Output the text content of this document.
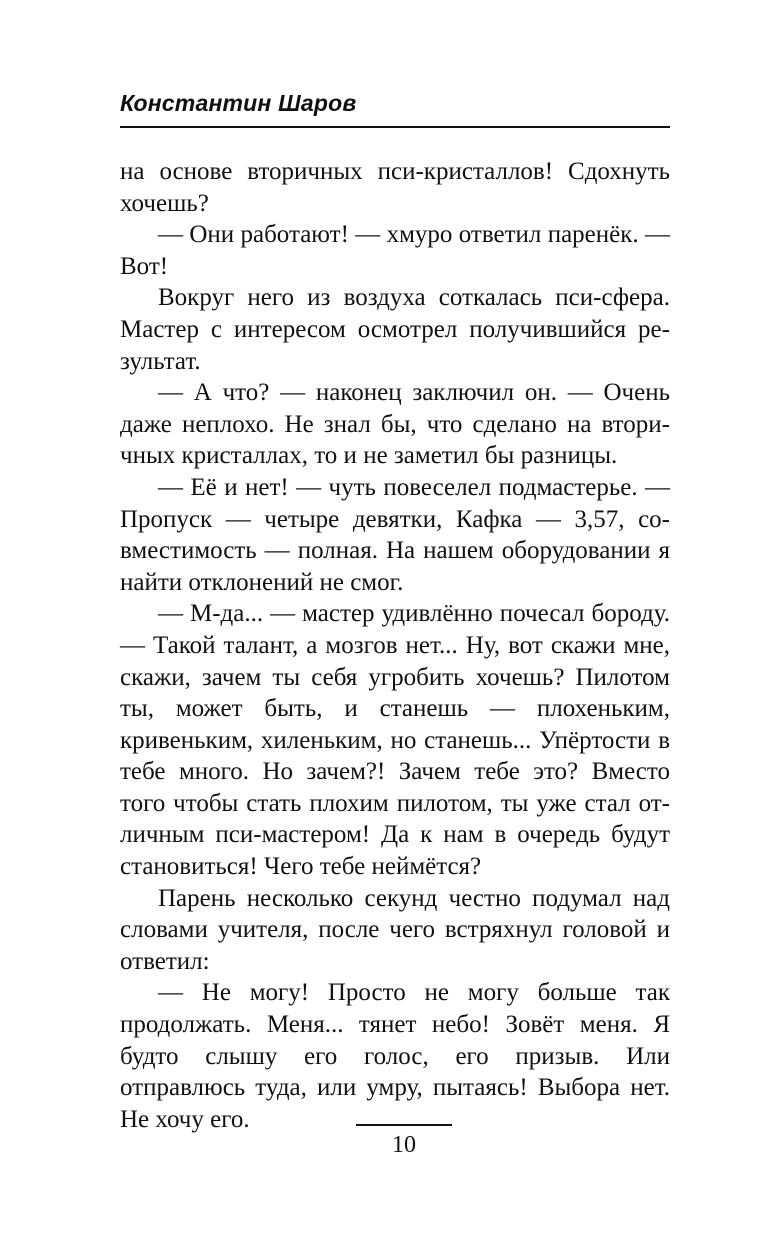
Константин Шаров

на основе вторичных пси-кристаллов! Сдохнуть хочешь?

— Они работают! — хмуро ответил паренёк. — Вот!

Вокруг него из воздуха соткалась пси-сфера. Мастер с интересом осмотрел получившийся результат.

— А что? — наконец заключил он. — Очень даже неплохо. Не знал бы, что сделано на вторичных кристаллах, то и не заметил бы разницы.

— Её и нет! — чуть повеселел подмастерье. — Пропуск — четыре девятки, Кафка — 3,57, совместимость — полная. На нашем оборудовании я найти отклонений не смог.

— М-да... — мастер удивлённо почесал бороду. — Такой талант, а мозгов нет... Ну, вот скажи мне, скажи, зачем ты себя угробить хочешь? Пилотом ты, может быть, и станешь — плохеньким, кривеньким, хиленьким, но станешь... Упёртости в тебе много. Но зачем?! Зачем тебе это? Вместо того чтобы стать плохим пилотом, ты уже стал отличным пси-мастером! Да к нам в очередь будут становиться! Чего тебе неймётся?

Парень несколько секунд честно подумал над словами учителя, после чего встряхнул головой и ответил:

— Не могу! Просто не могу больше так продолжать. Меня... тянет небо! Зовёт меня. Я будто слышу его голос, его призыв. Или отправлюсь туда, или умру, пытаясь! Выбора нет. Не хочу его.

10
